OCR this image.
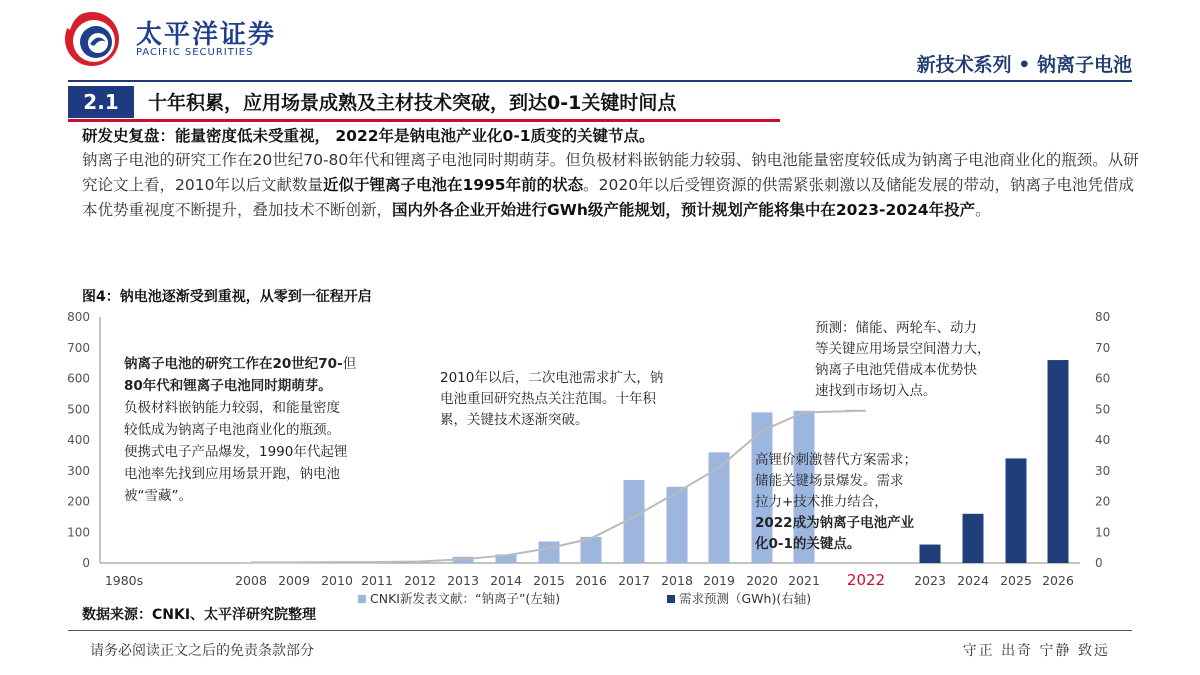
太平洋证券
PACIFIC SECURITIES
新技术系列 • 钠离子电池
2.1	十年积累，应用场景成熟及主材技术突破，到达0-1关键时间点
研发史复盘：能量密度低未受重视， 2022年是钠电池产业化0-1质变的关键节点。
钠离子电池的研究工作在20世纪70-80年代和锂离子电池同时期萌芽。但负极材料嵌钠能力较弱、钠电池能量密度较低成为钠离子电池商业化的瓶颈。从研究论文上看，2010年以后文献数量近似于锂离子电池在1995年前的状态。2020年以后受锂资源的供需紧张刺激以及储能发展的带动，钠离子电池凭借成本优势重视度不断提升，叠加技术不断创新，国内外各企业开始进行GWh级产能规划，预计规划产能将集中在2023-2024年投产。
图4：钠电池逐渐受到重视，从零到一征程开启
0
100
200
300
400
500
600
700
800
0
10
20
30
40
50
60
70
80
1980s	2008 2009 2010 2011 2012 2013 2014 2015 2016 2017 2018 2019 2020 2021 2022 2023 2024 2025 2026
钠离子电池的研究工作在20世纪70-但
80年代和锂离子电池同时期萌芽。
负极材料嵌钠能力较弱，和能量密度
较低成为钠离子电池商业化的瓶颈。
便携式电子产品爆发，1990年代起锂
电池率先找到应用场景开跑，钠电池
被“雪藏”。
2010年以后，二次电池需求扩大，钠
电池重回研究热点关注范围。十年积
累，关键技术逐渐突破。
预测：储能、两轮车、动力
等关键应用场景空间潜力大，
钠离子电池凭借成本优势快
速找到市场切入点。
高锂价刺激替代方案需求；
储能关键场景爆发。需求
拉力+技术推力结合，
2022成为钠离子电池产业
化0-1的关键点。
CNKI新发表文献：“钠离子”(左轴)	需求预测（GWh)(右轴)
数据来源：CNKI、太平洋研究院整理
请务必阅读正文之后的免责条款部分	守正 出奇 宁静 致远
